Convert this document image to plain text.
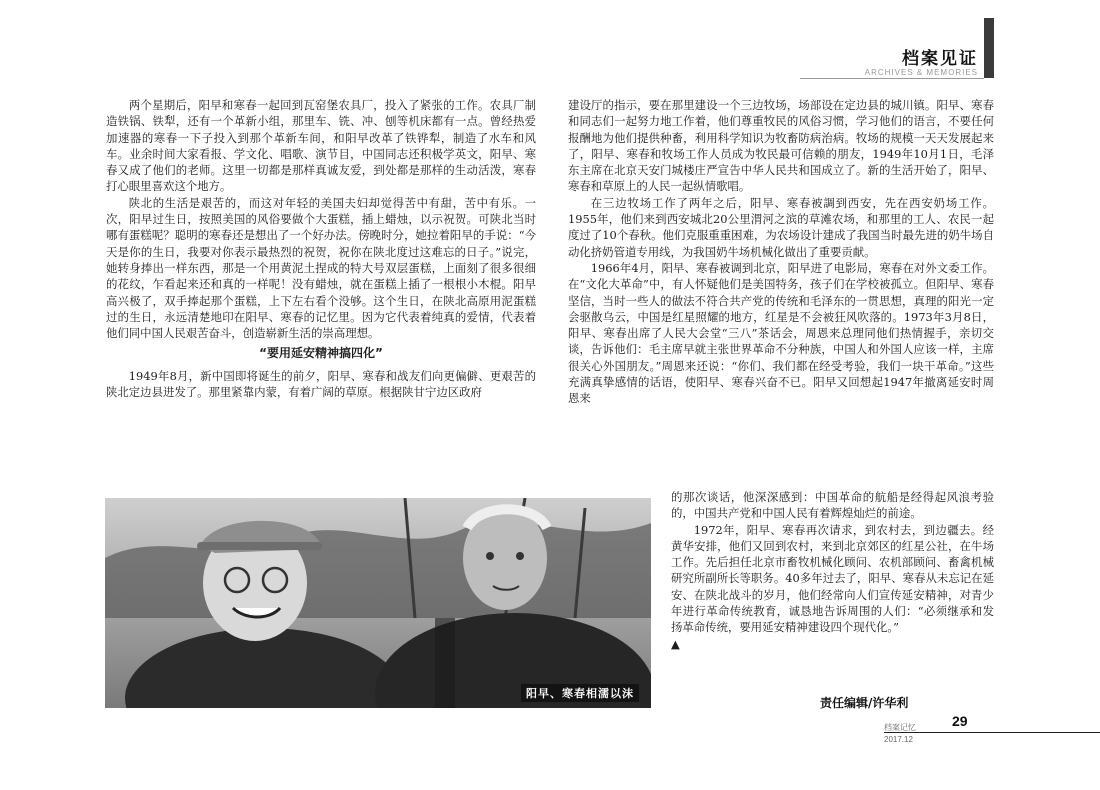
档案见证
ARCHIVES & MEMORIES

两个星期后，阳早和寒春一起回到瓦窑堡农具厂，投入了紧张的工作。农具厂制造铁锅、铁犁，还有一个革新小组，那里车、铣、冲、刨等机床都有一点。曾经热爱加速器的寒春一下子投入到那个革新车间，和阳早改革了铁铧犁，制造了水车和风车。业余时间大家看报、学文化、唱歌、演节目，中国同志还积极学英文，阳早、寒春又成了他们的老师。这里一切都是那样真诚友爱，到处都是那样的生动活泼，寒春打心眼里喜欢这个地方。

陕北的生活是艰苦的，而这对年轻的美国夫妇却觉得苦中有甜，苦中有乐。一次，阳早过生日，按照美国的风俗要做个大蛋糕，插上蜡烛，以示祝贺。可陕北当时哪有蛋糕呢？聪明的寒春还是想出了一个好办法。傍晚时分，她拉着阳早的手说：“今天是你的生日，我要对你表示最热烈的祝贺，祝你在陕北度过这难忘的日子。”说完，她转身捧出一样东西，那是一个用黄泥土捏成的特大号双层蛋糕，上面刻了很多很细的花纹，乍看起来还和真的一样呢！没有蜡烛，就在蛋糕上插了一根根小木棍。阳早高兴极了，双手捧起那个蛋糕，上下左右看个没够。这个生日，在陕北高原用泥蛋糕过的生日，永远清楚地印在阳早、寒春的记忆里。因为它代表着纯真的爱情，代表着他们同中国人民艰苦奋斗，创造崭新生活的崇高理想。

“要用延安精神搞四化”

1949年8月，新中国即将诞生的前夕，阳早、寒春和战友们向更偏僻、更艰苦的陕北定边县进发了。那里紧靠内蒙，有着广阔的草原。根据陕甘宁边区政府

建设厅的指示，要在那里建设一个三边牧场，场部设在定边县的城川镇。阳早、寒春和同志们一起努力地工作着，他们尊重牧民的风俗习惯，学习他们的语言，不要任何报酬地为他们提供种畜，利用科学知识为牧畜防病治病。牧场的规模一天天发展起来了，阳早、寒春和牧场工作人员成为牧民最可信赖的朋友，1949年10月1日，毛泽东主席在北京天安门城楼庄严宣告中华人民共和国成立了。新的生活开始了，阳早、寒春和草原上的人民一起纵情歌唱。

在三边牧场工作了两年之后，阳早、寒春被調到西安，先在西安奶场工作。1955年，他们来到西安城北20公里渭河之滨的草滩农场，和那里的工人、农民一起度过了10个春秋。他们克服重重困难，为农场设计建成了我国当时最先进的奶牛场自动化挤奶管道专用线，为我国奶牛场机械化做出了重要贡献。

1966年4月，阳早、寒春被调到北京，阳早进了电影局，寒春在对外文委工作。在“文化大革命”中，有人怀疑他们是美国特务，孩子们在学校被孤立。但阳早、寒春坚信，当时一些人的做法不符合共产党的传统和毛泽东的一贯思想，真理的阳光一定会驱散乌云，中国是红星照耀的地方，红星是不会被狂风吹落的。1973年3月8日，阳早、寒春出席了人民大会堂“三八”茶话会，周恩来总理同他们热情握手，亲切交谈，告诉他们：毛主席早就主张世界革命不分种族，中国人和外国人应该一样，主席很关心外国朋友。”周恩来还说：“你们、我们都在经受考验，我们一块干革命。”这些充满真挚感情的话语，使阳早、寒春兴奋不已。阳早又回想起1947年撤离延安时周恩来

阳早、寒春相濡以沫

的那次谈话，他深深感到：中国革命的航船是经得起风浪考验的，中国共产党和中国人民有着辉煌灿烂的前途。

1972年，阳早、寒春再次请求，到农村去，到边疆去。经黄华安排，他们又回到农村，来到北京郊区的红星公社，在牛场工作。先后担任北京市畜牧机械化顾问、农机部顾问、畜禽机械研究所副所长等职务。40多年过去了，阳早、寒春从未忘记在延安、在陕北战斗的岁月，他们经常向人们宣传延安精神，对青少年进行革命传统教育，诚恳地告诉周围的人们：“必须继承和发扬革命传统，要用延安精神建设四个现代化。”

▲
责任编辑/许华利
档案记忆	29
2017.12
